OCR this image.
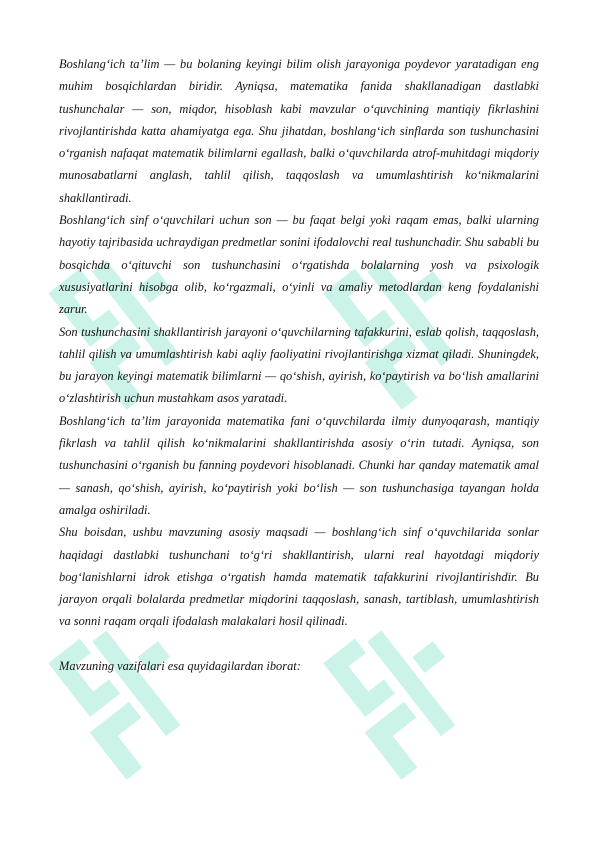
Boshlang‘ich ta’lim — bu bolaning keyingi bilim olish jarayoniga poydevor yaratadigan eng muhim bosqichlardan biridir. Ayniqsa, matematika fanida shakllanadigan dastlabki tushunchalar — son, miqdor, hisoblash kabi mavzular o‘quvchining mantiqiy fikrlashini rivojlantirishda katta ahamiyatga ega. Shu jihatdan, boshlang‘ich sinflarda son tushunchasini o‘rganish nafaqat matematik bilimlarni egallash, balki o‘quvchilarda atrof-muhitdagi miqdoriy munosabatlarni anglash, tahlil qilish, taqqoslash va umumlashtirish ko‘nikmalarini shakllantiradi.

Boshlang‘ich sinf o‘quvchilari uchun son — bu faqat belgi yoki raqam emas, balki ularning hayotiy tajribasida uchraydigan predmetlar sonini ifodalovchi real tushunchadir. Shu sababli bu bosqichda o‘qituvchi son tushunchasini o‘rgatishda bolalarning yosh va psixologik xususiyatlarini hisobga olib, ko‘rgazmali, o‘yinli va amaliy metodlardan keng foydalanishi zarur.

Son tushunchasini shakllantirish jarayoni o‘quvchilarning tafakkurini, eslab qolish, taqqoslash, tahlil qilish va umumlashtirish kabi aqliy faoliyatini rivojlantirishga xizmat qiladi. Shuningdek, bu jarayon keyingi matematik bilimlarni — qo‘shish, ayirish, ko‘paytirish va bo‘lish amallarini o‘zlashtirish uchun mustahkam asos yaratadi.

Boshlang‘ich ta’lim jarayonida matematika fani o‘quvchilarda ilmiy dunyoqarash, mantiqiy fikrlash va tahlil qilish ko‘nikmalarini shakllantirishda asosiy o‘rin tutadi. Ayniqsa, son tushunchasini o‘rganish bu fanning poydevori hisoblanadi. Chunki har qanday matematik amal — sanash, qo‘shish, ayirish, ko‘paytirish yoki bo‘lish — son tushunchasiga tayangan holda amalga oshiriladi.

Shu boisdan, ushbu mavzuning asosiy maqsadi — boshlang‘ich sinf o‘quvchilarida sonlar haqidagi dastlabki tushunchani to‘g‘ri shakllantirish, ularni real hayotdagi miqdoriy bog‘lanishlarni idrok etishga o‘rgatish hamda matematik tafakkurini rivojlantirishdir. Bu jarayon orqali bolalarda predmetlar miqdorini taqqoslash, sanash, tartiblash, umumlashtirish va sonni raqam orqali ifodalash malakalari hosil qilinadi.

Mavzuning vazifalari esa quyidagilardan iborat:
